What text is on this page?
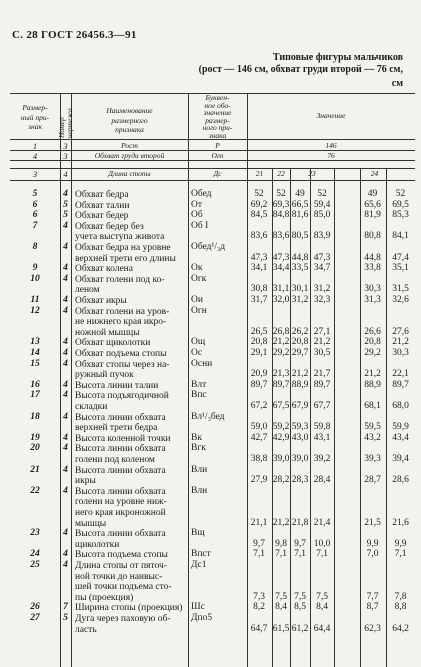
С. 28 ГОСТ 26456.3—91
Типовые фигуры мальчиков
(рост — 146 см, обхват груди второй — 76 см,
см
Размер-
ный при-
знак	Номер чертежа	Наименование
размерного
признака
Буквен-
ное обо-
значение
размер-
ного при-
знака
Значение
1	3	Рост	Р	146
4	3	Обхват груди второй	Огп	76
3	4	Длина стопы	Дс	21	22	23	24
5	4 Обхват бедра	Обед	52	52	49	52	49	52
6	5 Обхват талии	От	69,2 69,3 66,5 59,4	65,6	69,5
6	5 Обхват бедер	Об	84,5 84,8 81,6 85,0	81,9	85,3
7	4 Обхват бедер без
учета выступа живота
Об I
83,6 83,6 80,5 83,9	80,8	84,1
8	4 Обхват бедра на уровне
верхней трети его длины
Обед¹/₃д
47,3 47,3 44,8 47,3	44,8	47,4
9	4 Обхват колена	Ок	34,1 34,4 33,5 34,7	33,8	35,1
10	4 Обхват голени под ко-
леном
Огк
30,8 31,1 30,1 31,2	30,3	31,5
11	4 Обхват икры	Ои	31,7 32,0 31,2 32,3	31,3	32,6
12	4 Обхват голени на уров-
не нижнего края икро-
ножной мышцы
Огн
26,5 26,8 26,2 27,1	26,6	27,6
13	4 Обхват щиколотки	Ощ	20,8 21,2 20,8 21,2	20,8	21,2
14	4 Обхват подъема стопы	Ос	29,1 29,2 29,7 30,5	29,2	30,3
15	4 Обхват стопы через на-
ружный пучок
Осни
20,9 21,3 21,2 21,7	21,2	22,1
16	4 Высота линии талии	Влт	89,7 89,7 88,9 89,7	88,9	89,7
17	4 Высота подъягодичной
складки
Впс
67,2 67,5 67,9 67,7	68,1	68,0
18	4 Высота линии обхвата
верхней трети бедра
Вл¹/₃бед
59,0 59,2 59,3 59,8	59,5	59,9
19	4 Высота коленной точки Вк	42,7 42,9 43,0 43,1	43,2	43,4
20	4 Высота линии обхвата
голени под коленом
Вгк
38,8 39,0 39,0 39,2	39,3	39,4
21	4 Высота линии обхвата
икры
Вли
27,9 28,2 28,3 28,4	28,7	28,6
22	4 Высота линии обхвата
голени на уровне ниж-
него края икроножной
мышцы
Влн
21,1 21,2 21,8 21,4	21,5	21,6
23	4 Высота линии обхвата
щиколотки
Вщ
9,7	9,8 9,7 10,0	9,9	9,9
24	4 Высота подъема стопы Впст	7,1	7,1 7,1	7,1	7,0	7,1
25	4 Длина стопы от пяточ-
ной точки до наивыс-
шей точки подъема сто-
пы (проекция)
Дс1
7,3	7,5 7,5	7,5	7,7	7,8
26	7 Ширина стопы (проекция) Шс	8,2	8,4 8,5	8,4	8,7	8,8
27	5 Дуга через паховую об-
ласть
Дпо5
64,7 61,5 61,2 64,4	62,3	64,2
